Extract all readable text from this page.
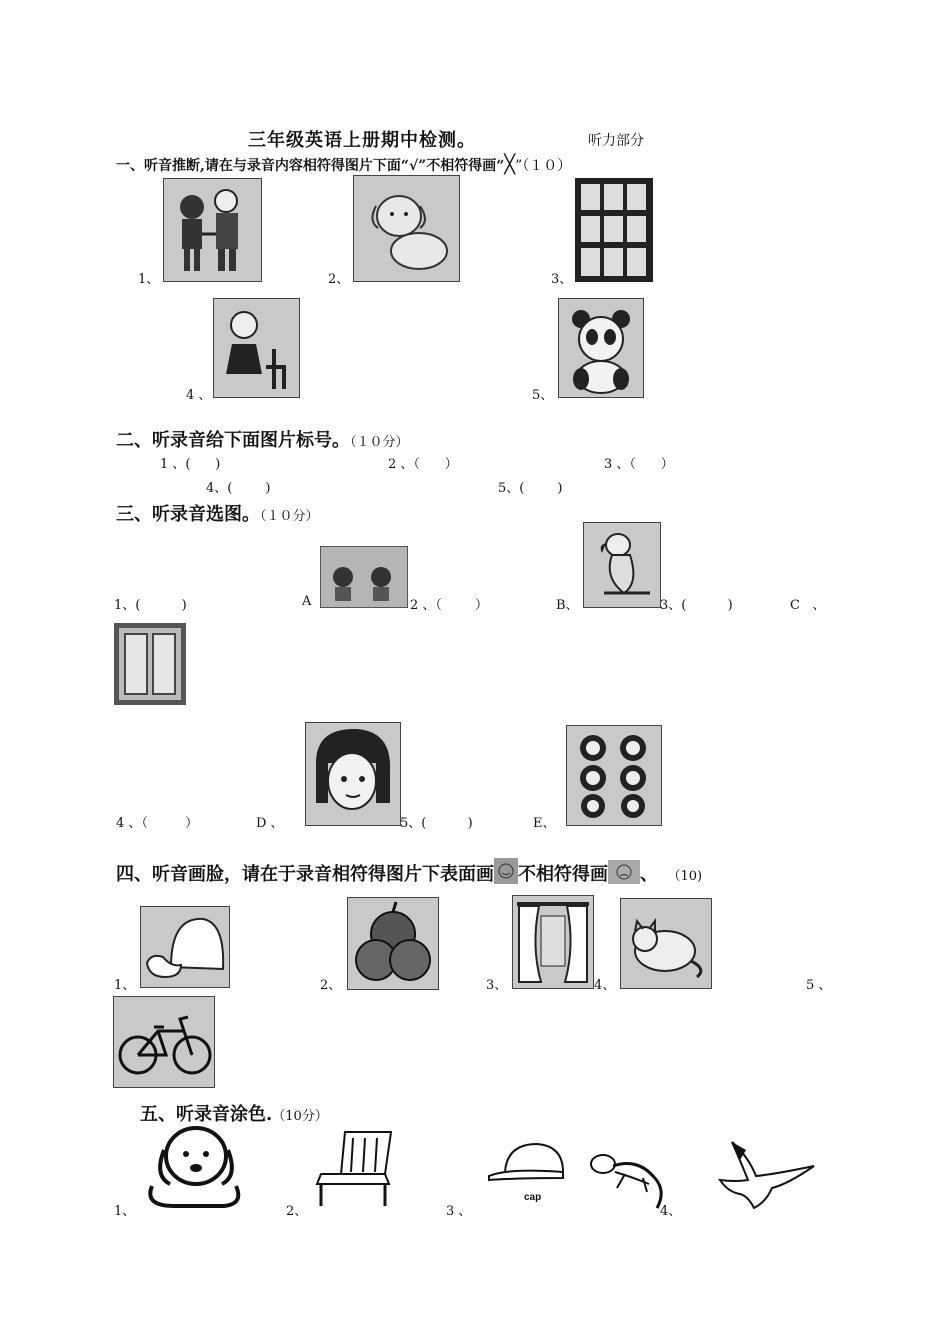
三年级英语上册期中检测。	听力部分
一、听音推断,请在与录音内容相符得图片下面“√”不相符得画“╳”（１０）
1、	2、	3、
4 、	5、
二、听录音给下面图片标号。（１０分）
1 、(      )	2 、（      ）	3 、（      ）
4、(        )	5、(        )
三、听录音选图。（１０分）
1、(          )	A	2 、（        ）	B、	3、(          )	C   、
4 、（         ）	D 、	5、(          )	E、
四、听音画脸，请在于录音相符得图片下表面画 不相符得画 、 （10)
1、	2、	3、	4、	5 、
五、听录音涂色.（10分）
1、	2、
cap
3 、	4、
